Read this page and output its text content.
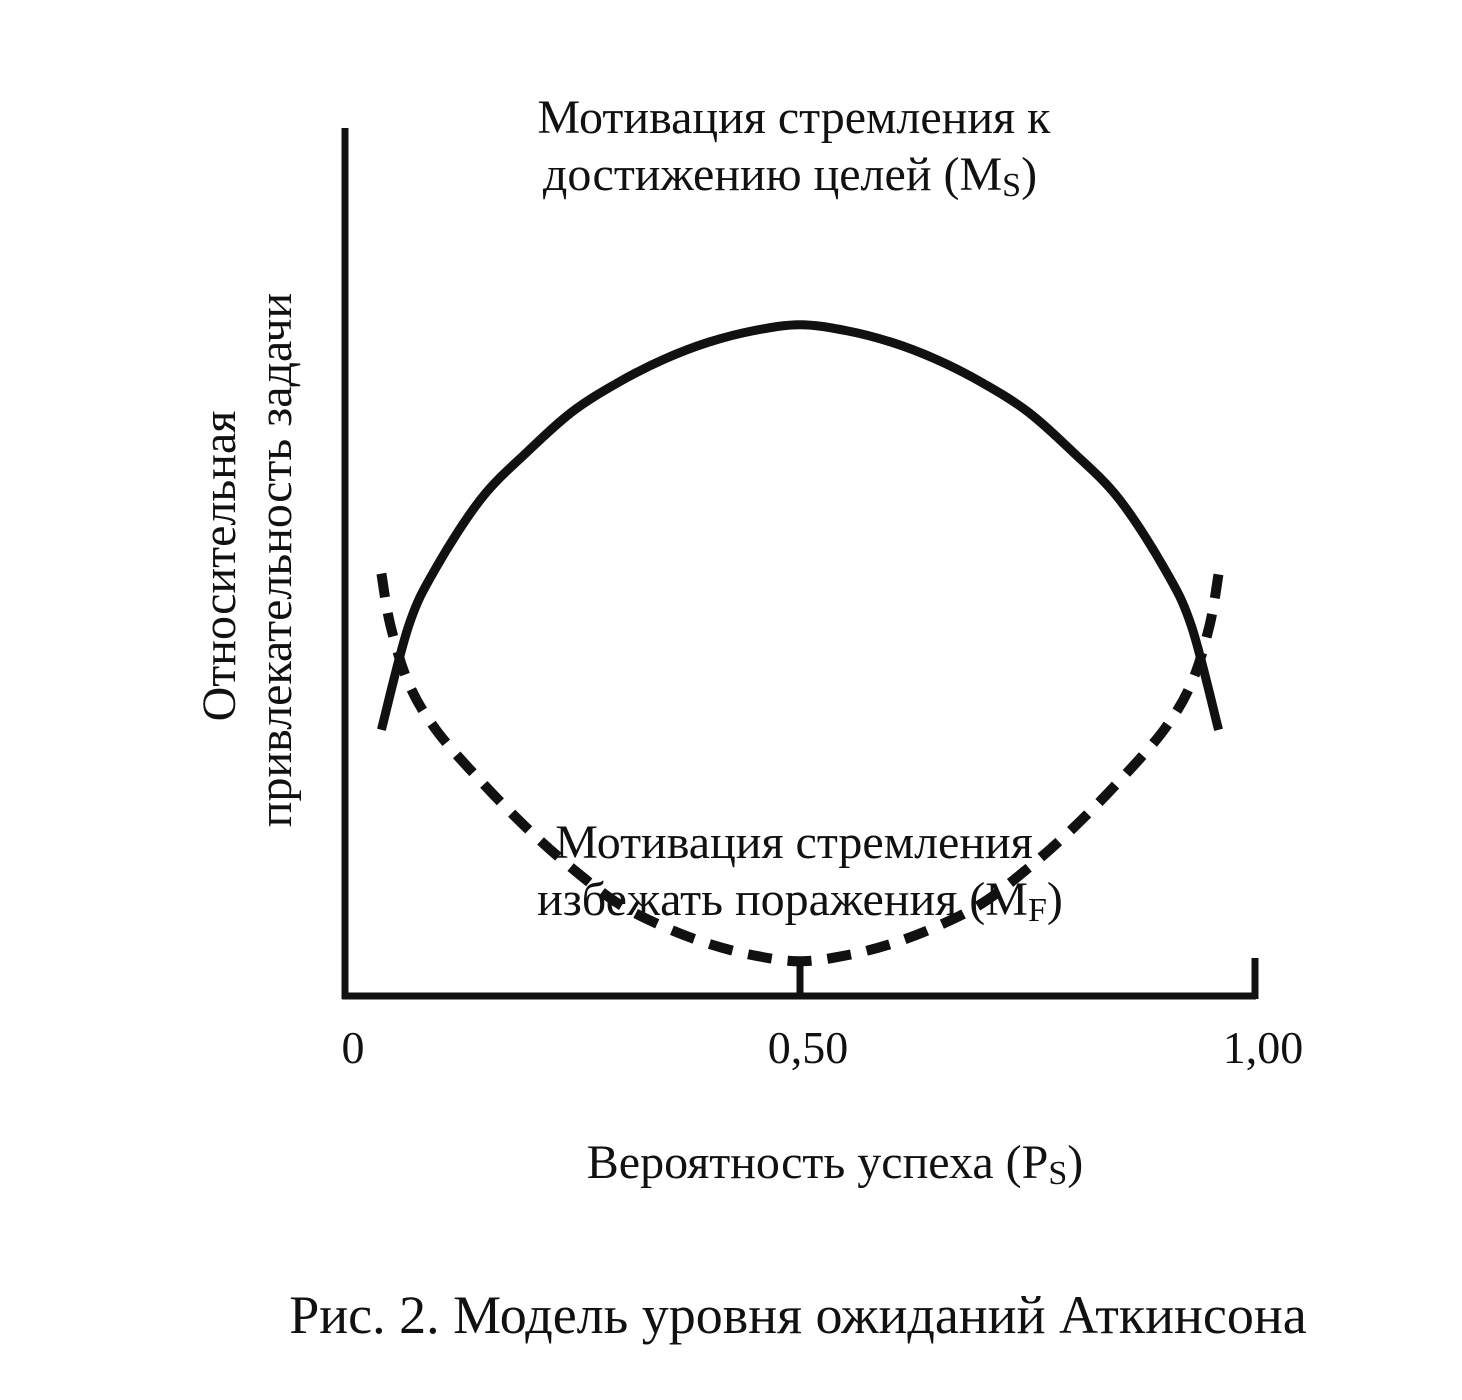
0	0,50	1,00
Мотивация стремления к достижению целей (MS)
Мотивация стремления избежать поражения (MF)
Относительная привлекательность задачи
Вероятность успеха (PS)
Рис. 2. Модель уровня ожиданий Аткинсона
